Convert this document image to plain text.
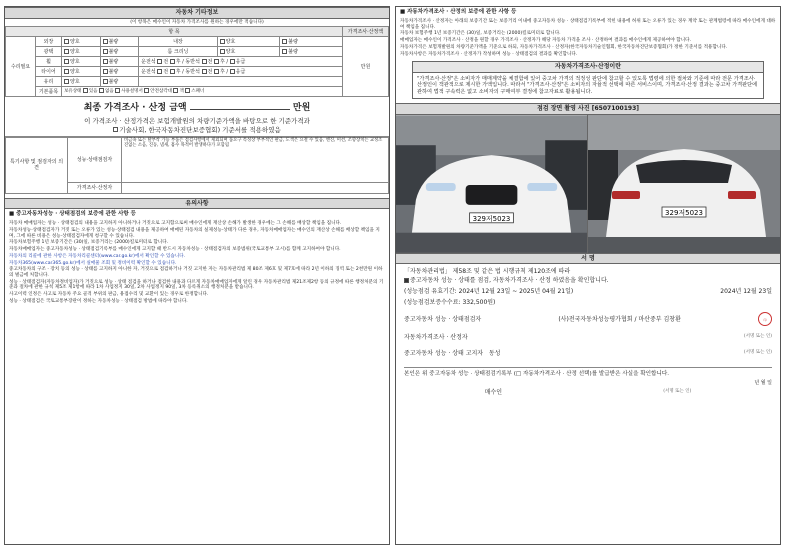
자동차 기타정보
(이 항목은 매수인이 자동차 가격조사를 원하는 경우에만 적습니다)
항 목							가격조사·산정액
수리필요	외장	양호	불량	내장	양호	불량	만원
	광택	양호	불량	룸 크리닝	양호	불량	
	휠	양호	불량	운전석 전 후 / 동반석 전 후 / 응급			
	타이어	양호	불량	운전석 전 후 / 동반석 전 후 / 응급			
	유리	양호	불량				
	기본품목	보유상태 있음 없음 사용설명서 안전삼각대 잭 스패너					
최종 가격조사 · 산정 금액	만원
이 가격조사 · 산정가격은 보험개발원의 차량기준가액을 바탕으로 한 기준가격과
기술사회, 한국자동차진단보증협회) 기준서를 적용하였음
특기사항 및 점검자의 의견	성능·상태점검자	비금속 또는 탈부착 가능 부품은 점검사항에서 제외되며 품요구 특성상 부부적인 판금, 도색은 요철 수 있음, 엔진, 미션, 조향장치는 교정조진없는 소음, 진동, 냄새, 흡수 목적어 발생하다가 포함됨
	가격조사·산정자	
유의사항
■ 중고자동차성능 · 상태점검의 보증에 관한 사항 등

자동차 매매업자는 성능 · 상태점검의 내용을 고지하지 아니하거나 거짓으로 고지함으로써 매수인에게 재산상 손해가 발생한 경우에는 그 손해를 배상할 책임을 집니다.

자동차성능·상태점검자가 거짓 또는 오류가 있는 성능·상태점검 내용을 제공하여 매매된 자동차의 실제성능·상태가 다른 경우, 자동차매매업자는 매수인의 재산상 손해를 배상할 책임을 지며, 그에 따른 비용은 성능·상태점검자에게 청구할 수 있습니다.

자동차보험주행 1년 보증기간은 (30)일, 보증거리는 (2000)킬로미터로 합니다.

자동차매매업자는 중고자동차성능 · 상태점검기록부를 매수인에게 고지할 때 반드시 자동차성능 · 상태점검자의 보증범위(국토교통부 고시)를 함께 고지하여야 합니다.

자동차의 리콜에 관한 사항은 자동차리콜센터(www.car.go.kr)에서 확인할 수 있습니다.

자동차365(www.car365.go.kr)에서 실매물 조회 및 정비이력 확인할 수 있습니다.

중고차동차의 구조 · 장치 등의 성능 · 상태를 고지하지 아니한 자, 거짓으로 점검하거나 거짓 고지한 자는 자동차관리법 제 80조 제6호 및 제7호에 따라 2년 이하의 징역 또는 2천만원 이하의 벌금에 처합니다.

성능 · 상태점검자(자동차정비업자)가 거짓으로 성능 · 상태 점검을 하거나 점검한 내용과 다르게 자동차매매업자에게 알린 경우 자동차관리법 제21조제2항 등의 규정에 따른 행정처분의 기준과 절차에 관한 규칙 제5조 제1항에 따라 1차 사업정지 30일, 2차 사업정지 90일, 3차 등록취소의 행정처분을 받습니다.

사고이력 인정은 사고로 자동차 주요 골격 부위의 판금, 용접수리 및 교환이 있는 경우로 한정합니다.

성능 · 상태점검은 국토교통부장관이 정하는 자동차성능 · 상태점검 방법에 따라야 합니다.

■ 자동차가격조사 · 산정의 보증에 관한 사항 등

자동차가격조사 · 산정자는 아래의 보증기간 또는 보증거리 이내에 중고자동차 성능 · 상태점검기록부에 적힌 내용에 허위 또는 오류가 있는 경우 계약 또는 관계법령에 따라 매수인에게 대하여 책임을 집니다.

자동차 보험주행 1년 보증기간은 (30)일, 보증거리는 (2000)킬로미터로 합니다.

매매업자는 매수인이 가격조사 · 산정을 원할 경우 가격조사 · 산정자가 해당 자동차 가격을 조사 · 산정하여 결과를 매수인에게 제공하여야 합니다.

자동차가격은 보험개발원의 차량기준가액을 기준으로 하되, 자동차가격조사 · 산정자(한국자동차기술인협회, 한국자동차진단보증협회)가 정한 기준서를 적용합니다.

자동차사항은 자동차가격조사 · 산정자가 작성하며 성능 · 상태점검의 결과를 확인합니다.

자동차가격조사·산정이란
"가격조사·산정"은 소비자가 매매계약을 체결함에 있어 중고차 가격의 적정성 판단에 참고할 수 있도록 법령에 의한 절차와 기준에 따라 전문 가격조사·산정인이 객관적으로 제시한 가액입니다. 따라서 "가격조사·산정"은 소비자의 자율적 선택에 따른 서비스이며, 가격조사·산정 결과는 중고차 가격판단에 관하여 법적 구속력은 없고 소비자의 구매여부 결정에 참고자료로 활용됩니다.
점검 장면 촬영 사진 [6507100193]
329저5023
329저5023
서 명
「자동차관리법」 제58조 및 같은 법 시행규칙 제120조에 따라
중고자동차 성능 · 상태를 점검, 자동차가격조사 · 산정 하였음을 확인합니다.
(성능점검 유효기간: 2024년 12월 23일 ~ 2025년 04월 21일)	2024년 12월 23일
(성능점검보증수수료: 332,500원)
중고자동차 성능 · 상태점검자	(사)전국자동차성능평가협회 / 마산중부 김창환	印
자동차가격조사 · 산정자	(서명 또는 인)
중고자동차 성능 · 상태 고지자 동성	(서명 또는 인)
본인은 위 중고자동차 성능 · 상태점검기록부 (□ 자동차가격조사 · 산정 선택)를 발급받은 사실을 확인합니다.
년 월 일
매수인	(서명 또는 인)
